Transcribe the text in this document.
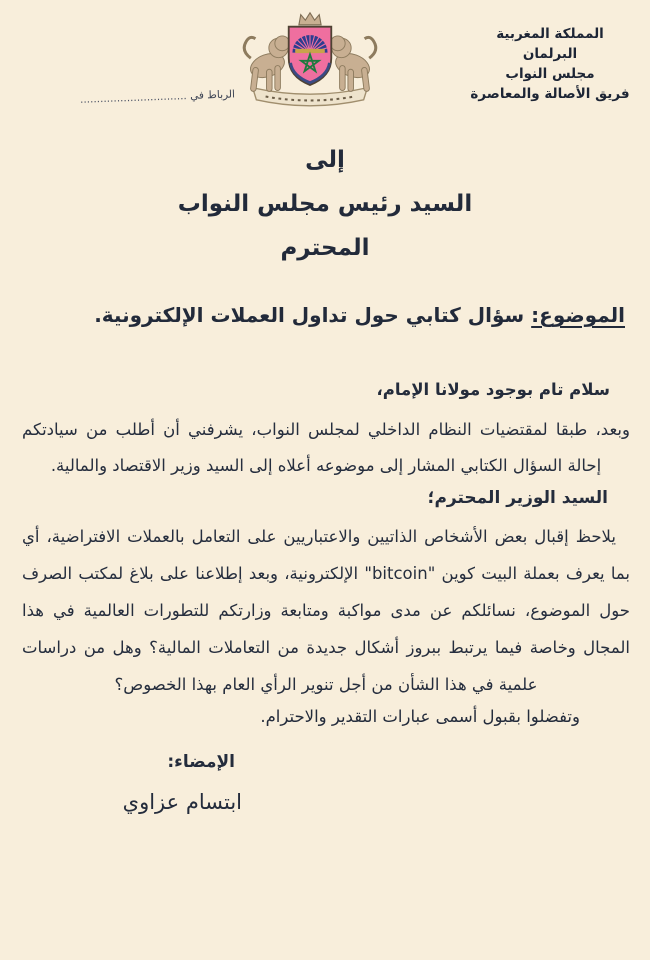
المملكة المغربية
البرلمان
مجلس النواب
فريق الأصالة والمعاصرة
الرباط في ................................
إلى
السيد رئيس مجلس النواب
المحترم
الموضوع:سؤال كتابي حول تداول العملات الإلكترونية.

سلام تام بوجود مولانا الإمام،

وبعد، طبقا لمقتضيات النظام الداخلي لمجلس النواب، يشرفني أن أطلب من سيادتكم إحالة السؤال الكتابي المشار إلى موضوعه أعلاه إلى السيد وزير الاقتصاد والمالية.

السيد الوزير المحترم؛

يلاحظ إقبال بعض الأشخاص الذاتيين والاعتباريين على التعامل بالعملات الافتراضية، أي بما يعرف بعملة البيت كوين "bitcoin" الإلكترونية، وبعد إطلاعنا على بلاغ لمكتب الصرف حول الموضوع، نسائلكم عن مدى مواكبة ومتابعة وزارتكم للتطورات العالمية في هذا المجال وخاصة فيما يرتبط ببروز أشكال جديدة من التعاملات المالية؟ وهل من دراسات علمية في هذا الشأن من أجل تنوير الرأي العام بهذا الخصوص؟

وتفضلوا بقبول أسمى عبارات التقدير والاحترام.

الإمضاء:
ابتسام عزاوي
